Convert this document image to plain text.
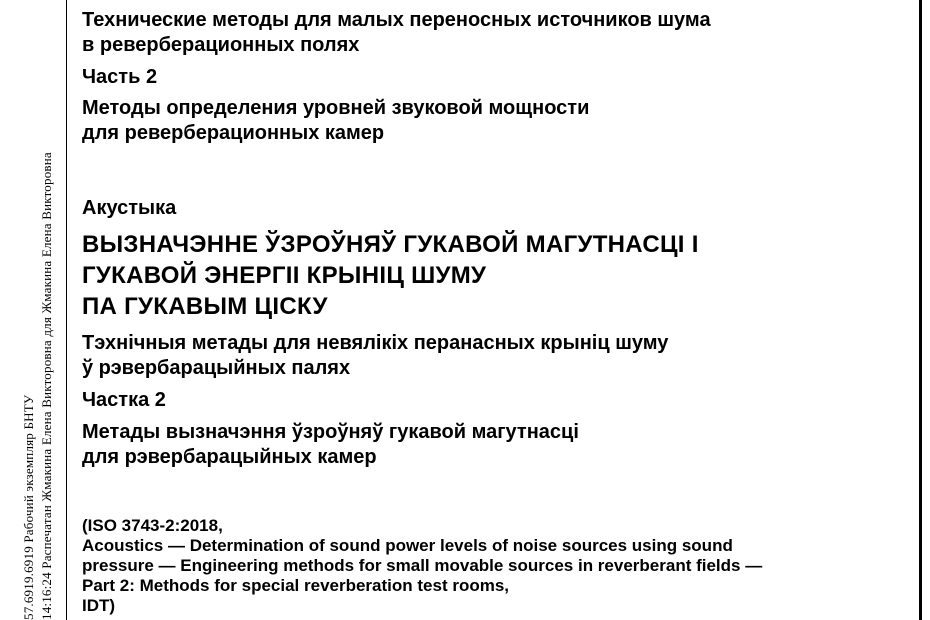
57.6919.6919 Рабочий экземпляр БНТУ 14:16:24 Распечатан Жмакина Елена Викторовна для Жмакина Елена Викторовна
Технические методы для малых переносных источников шума
в реверберационных полях
Часть 2
Методы определения уровней звуковой мощности
для реверберационных камер
Акустыка
ВЫЗНАЧЭННЕ ЎЗРОЎНЯЎ ГУКАВОЙ МАГУТНАСЦІ І
ГУКАВОЙ ЭНЕРГІІ КРЫНІЦ ШУМУ
ПА ГУКАВЫМ ЦІСКУ
Тэхнічныя метады для невялікіх перанасных крыніц шуму
ў рэвербарацыйных палях
Частка 2
Метады вызначэння ўзроўняў гукавой магутнасці
для рэвербарацыйных камер
(ISO 3743-2:2018,
Acoustics — Determination of sound power levels of noise sources using sound
pressure — Engineering methods for small movable sources in reverberant fields —
Part 2: Methods for special reverberation test rooms,
IDT)
